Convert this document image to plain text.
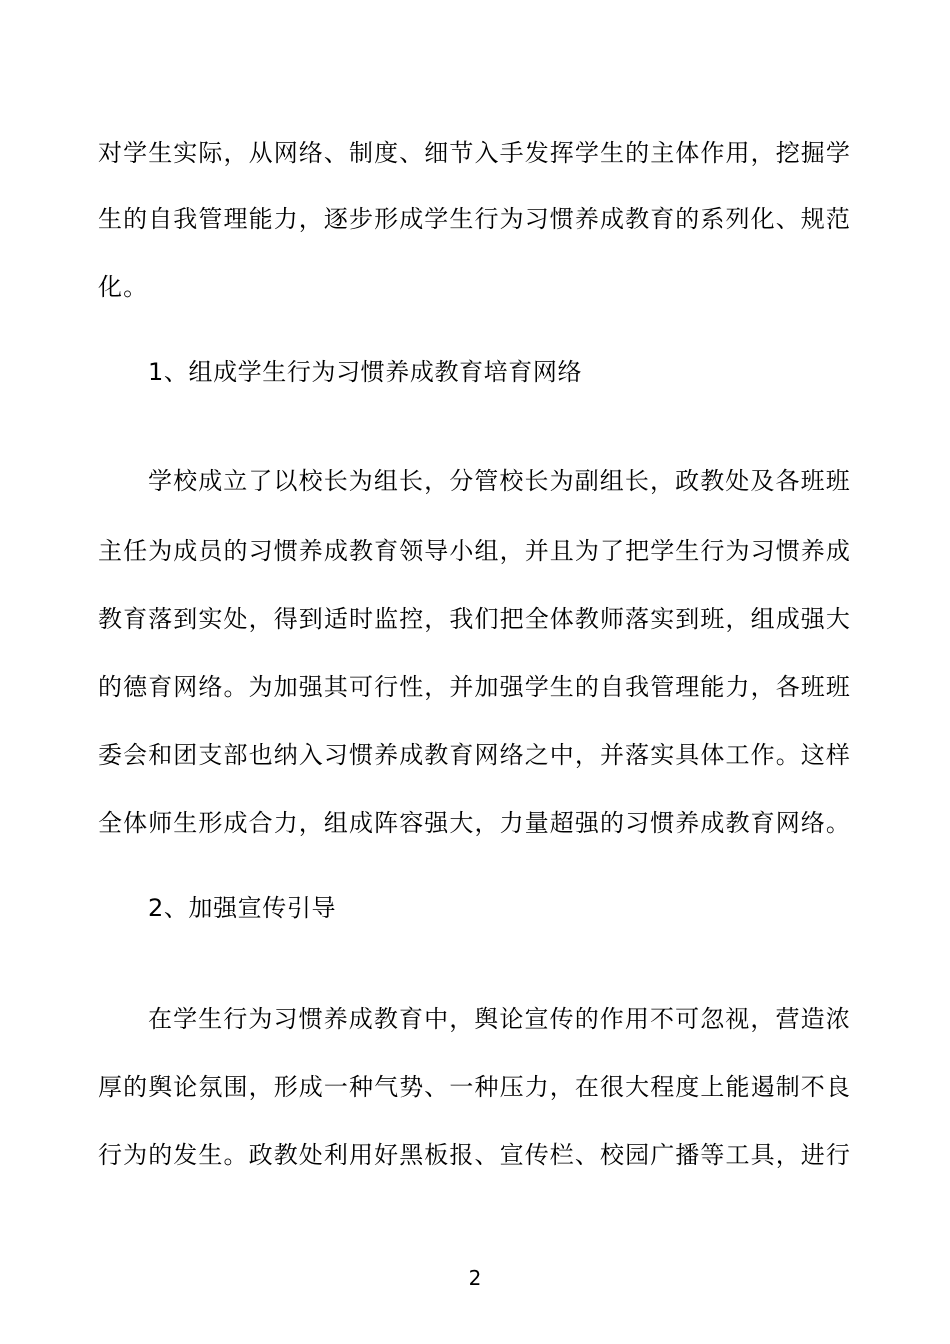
对学生实际，从网络、制度、细节入手发挥学生的主体作用，挖掘学
生的自我管理能力，逐步形成学生行为习惯养成教育的系列化、规范
化。
1、组成学生行为习惯养成教育培育网络
学校成立了以校长为组长，分管校长为副组长，政教处及各班班
主任为成员的习惯养成教育领导小组，并且为了把学生行为习惯养成
教育落到实处，得到适时监控，我们把全体教师落实到班，组成强大
的德育网络。为加强其可行性，并加强学生的自我管理能力，各班班
委会和团支部也纳入习惯养成教育网络之中，并落实具体工作。这样
全体师生形成合力，组成阵容强大，力量超强的习惯养成教育网络。
2、加强宣传引导
在学生行为习惯养成教育中，舆论宣传的作用不可忽视，营造浓
厚的舆论氛围，形成一种气势、一种压力，在很大程度上能遏制不良
行为的发生。政教处利用好黑板报、宣传栏、校园广播等工具，进行
2
